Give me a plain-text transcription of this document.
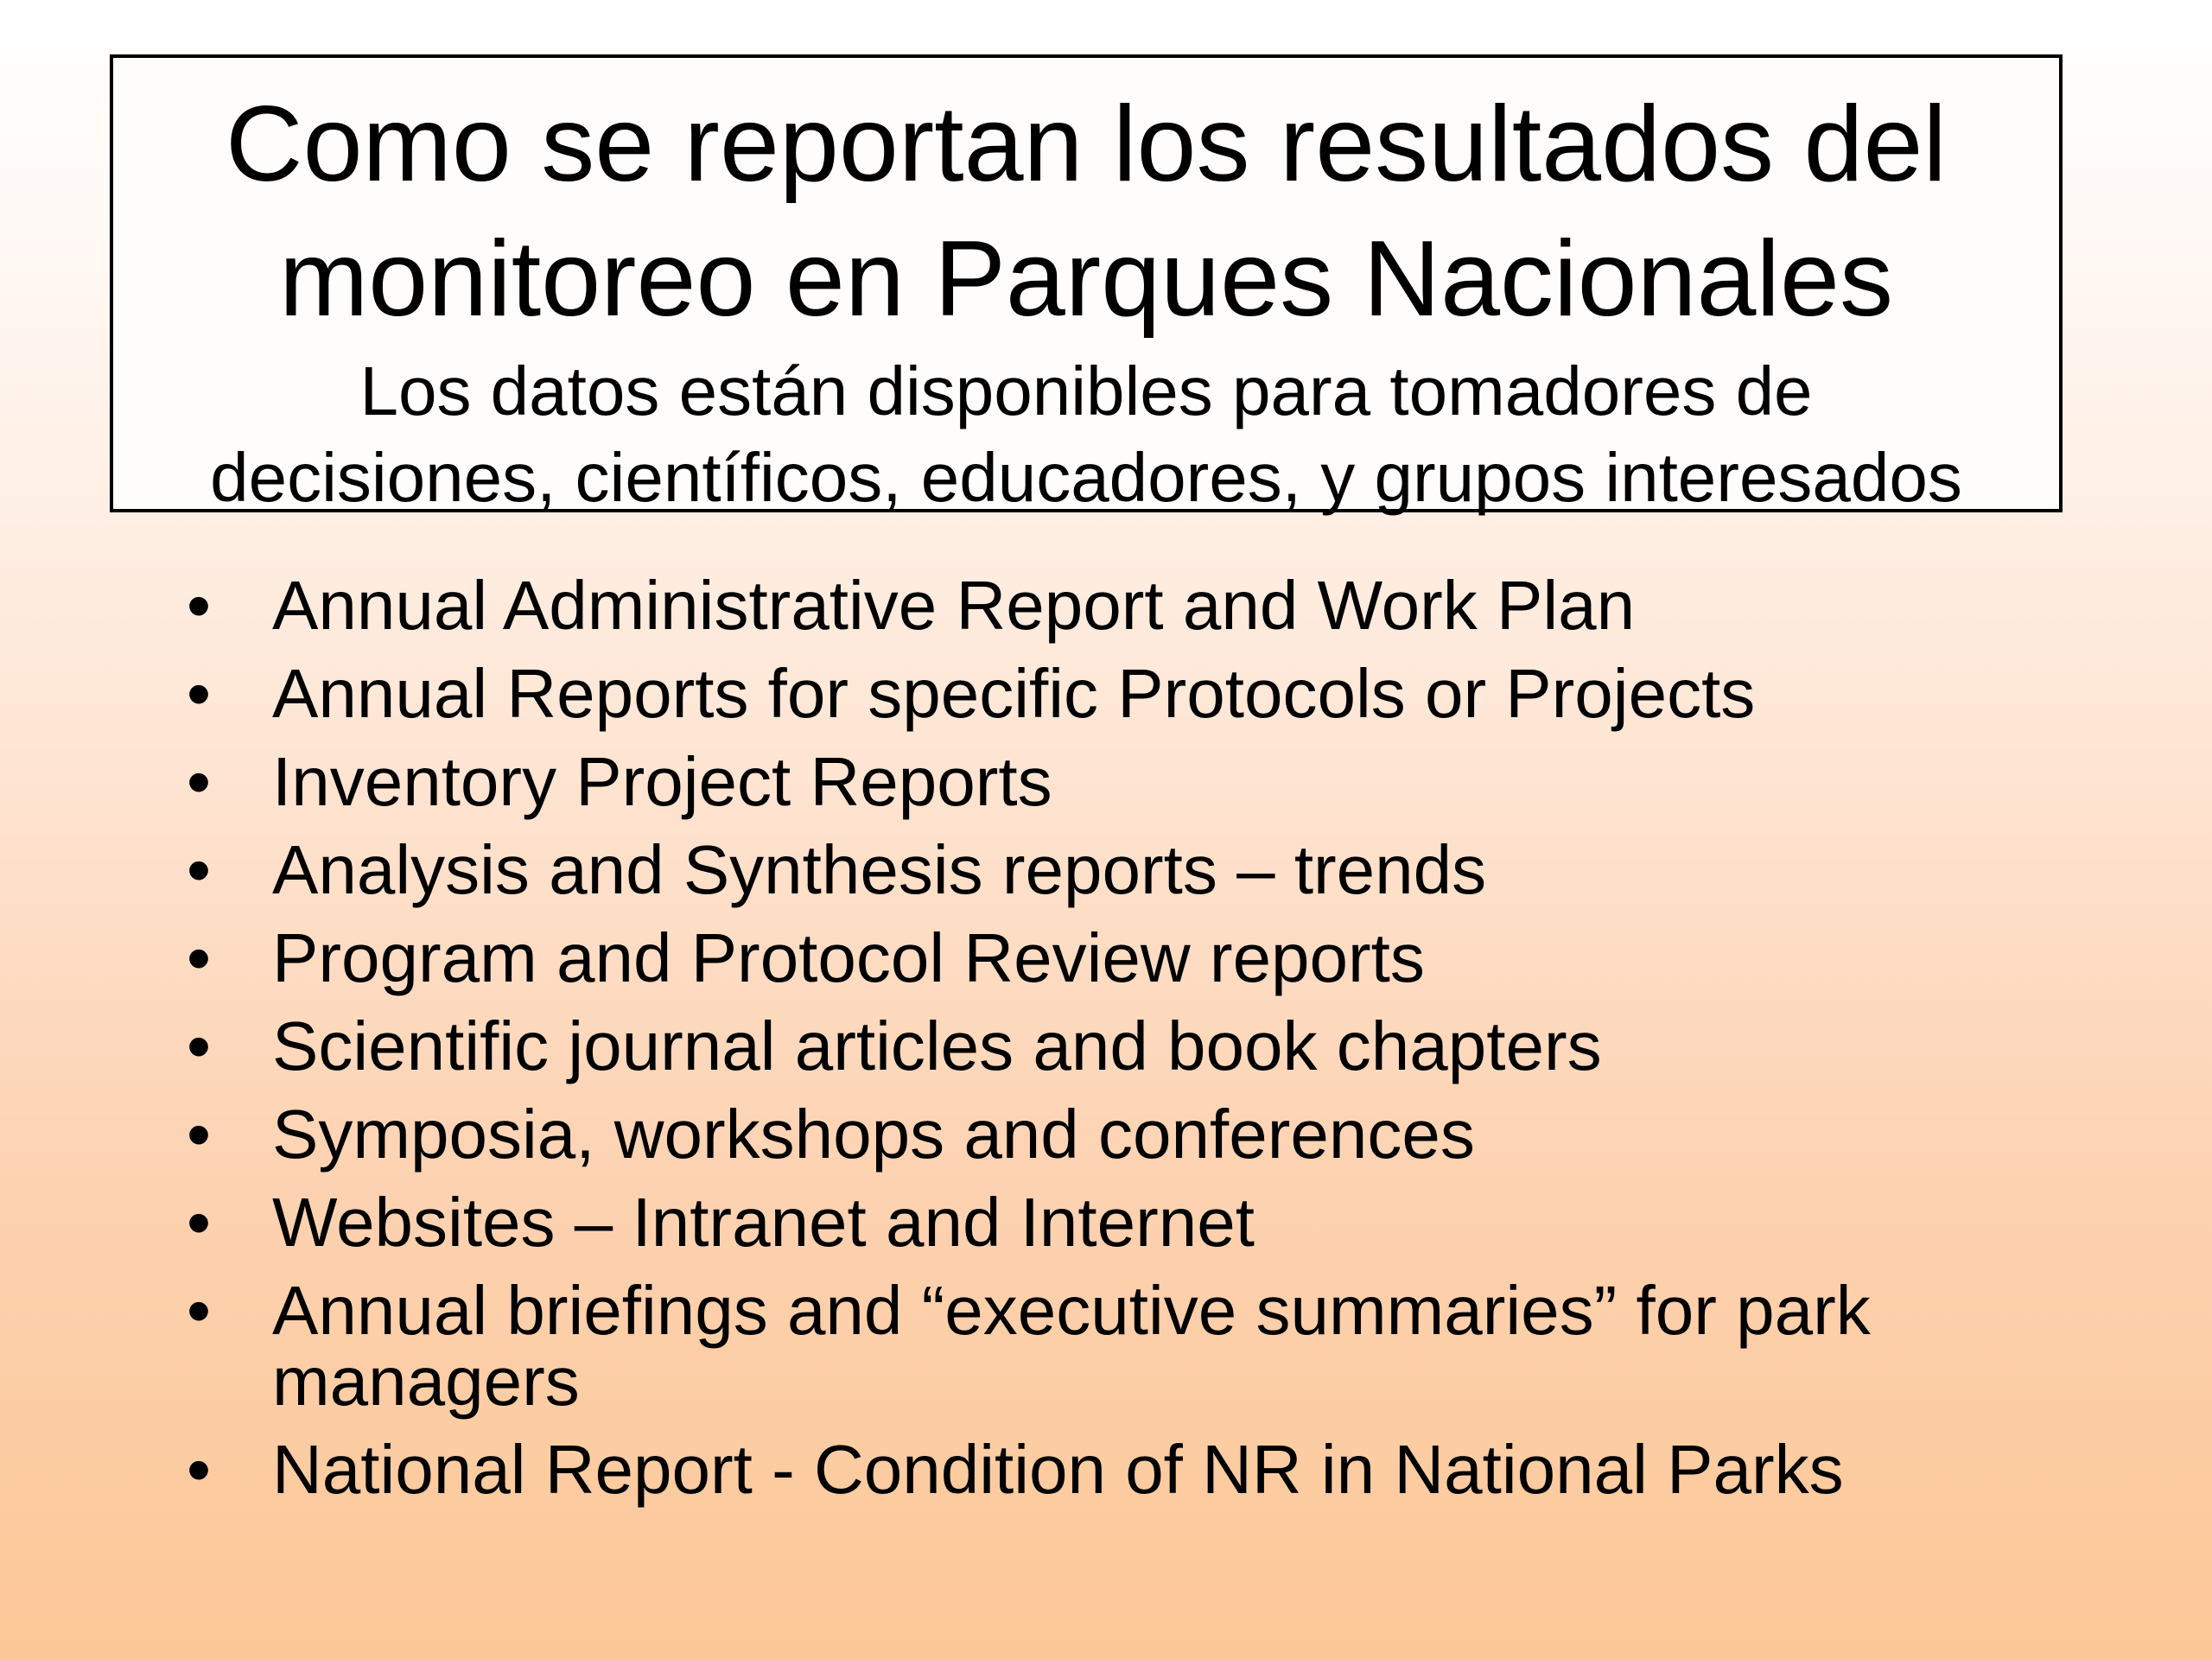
Como se reportan los resultados del
monitoreo en Parques Nacionales

Los datos están disponibles para tomadores de
decisiones, científicos, educadores, y grupos interesados

• Annual Administrative Report and Work Plan
• Annual Reports for specific Protocols or Projects
• Inventory Project Reports
• Analysis and Synthesis reports – trends
• Program and Protocol Review reports
• Scientific journal articles and book chapters
• Symposia, workshops and conferences
• Websites – Intranet and Internet
• Annual briefings and “executive summaries” for park managers
• National Report - Condition of NR in National Parks
